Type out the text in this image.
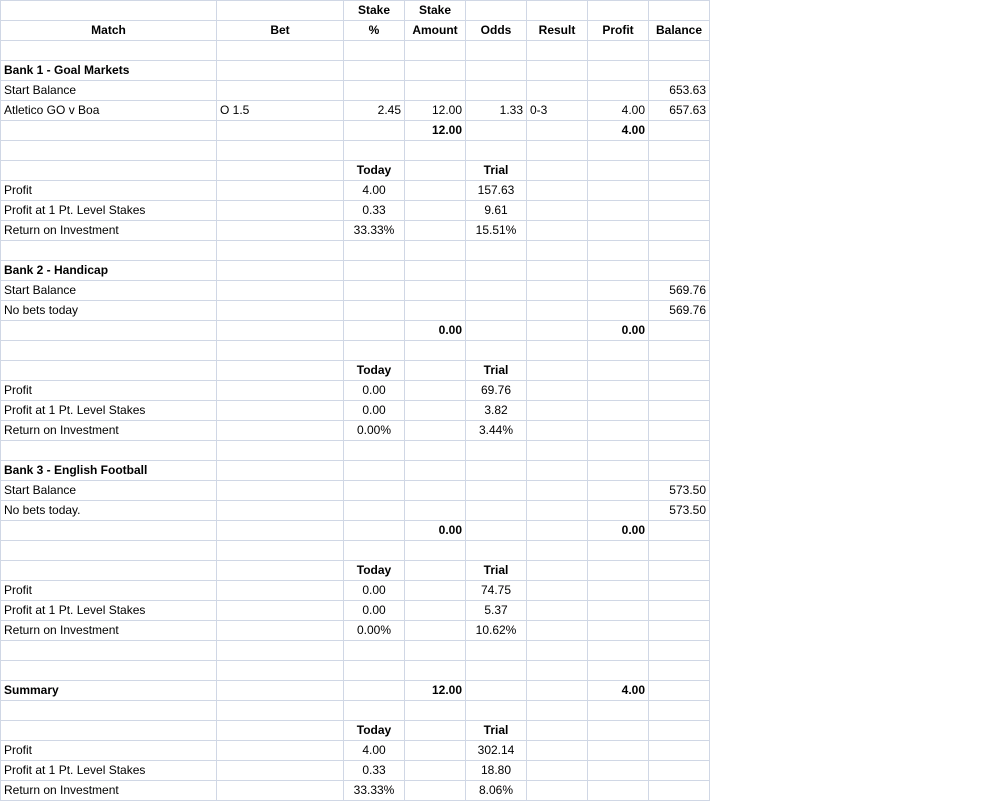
		Stake	Stake				
Match	Bet	%	Amount	Odds	Result	Profit	Balance

Bank 1 - Goal Markets							
Start Balance							653.63
Atletico GO v Boa	O 1.5	2.45	12.00	1.33	0-3	4.00	657.63
			12.00			4.00	

		Today		Trial			
Profit		4.00		157.63			
Profit at 1 Pt. Level Stakes		0.33		9.61			
Return on Investment		33.33%		15.51%			

Bank 2 - Handicap							
Start Balance							569.76
No bets today							569.76
			0.00			0.00	

		Today		Trial			
Profit		0.00		69.76			
Profit at 1 Pt. Level Stakes		0.00		3.82			
Return on Investment		0.00%		3.44%			

Bank 3 - English Football							
Start Balance							573.50
No bets today.							573.50
			0.00			0.00	

		Today		Trial			
Profit		0.00		74.75			
Profit at 1 Pt. Level Stakes		0.00		5.37			
Return on Investment		0.00%		10.62%			

Summary			12.00			4.00	

		Today		Trial			
Profit		4.00		302.14			
Profit at 1 Pt. Level Stakes		0.33		18.80			
Return on Investment		33.33%		8.06%			
